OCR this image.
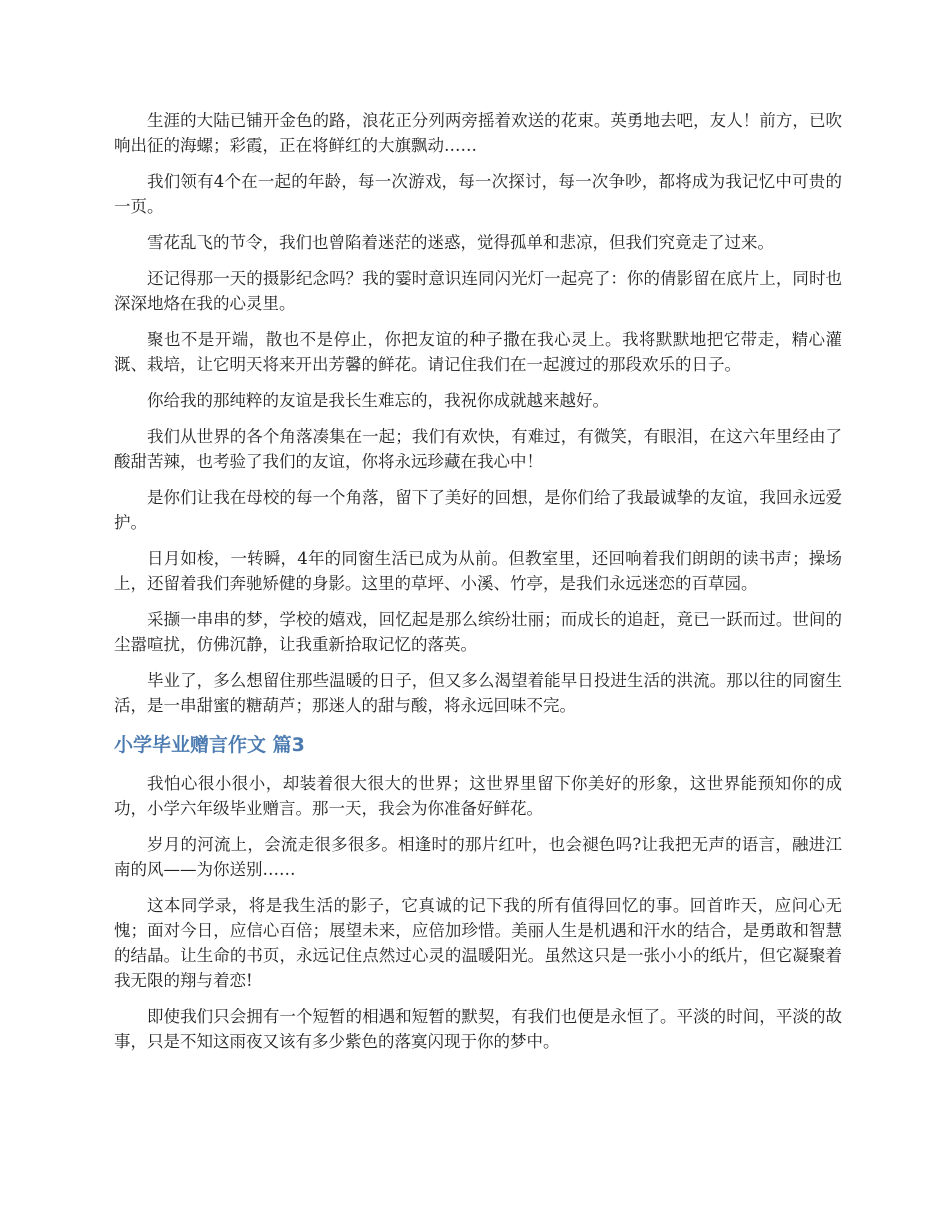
生涯的大陆已铺开金色的路，浪花正分列两旁摇着欢送的花束。英勇地去吧，友人！前方，已吹响出征的海螺；彩霞，正在将鲜红的大旗飘动……

我们领有4个在一起的年龄，每一次游戏，每一次探讨，每一次争吵，都将成为我记忆中可贵的一页。

雪花乱飞的节令，我们也曾陷着迷茫的迷惑，觉得孤单和悲凉，但我们究竟走了过来。

还记得那一天的摄影纪念吗？我的霎时意识连同闪光灯一起亮了：你的倩影留在底片上，同时也深深地烙在我的心灵里。

聚也不是开端，散也不是停止，你把友谊的种子撒在我心灵上。我将默默地把它带走，精心灌溉、栽培，让它明天将来开出芳馨的鲜花。请记住我们在一起渡过的那段欢乐的日子。

你给我的那纯粹的友谊是我长生难忘的，我祝你成就越来越好。

我们从世界的各个角落凑集在一起；我们有欢快，有难过，有微笑，有眼泪，在这六年里经由了酸甜苦辣，也考验了我们的友谊，你将永远珍藏在我心中！

是你们让我在母校的每一个角落，留下了美好的回想，是你们给了我最诚挚的友谊，我回永远爱护。

日月如梭，一转瞬，4年的同窗生活已成为从前。但教室里，还回响着我们朗朗的读书声；操场上，还留着我们奔驰矫健的身影。这里的草坪、小溪、竹亭，是我们永远迷恋的百草园。

采撷一串串的梦，学校的嬉戏，回忆起是那么缤纷壮丽；而成长的追赶，竟已一跃而过。世间的尘嚣喧扰，仿佛沉静，让我重新拾取记忆的落英。

毕业了，多么想留住那些温暖的日子，但又多么渴望着能早日投进生活的洪流。那以往的同窗生活，是一串甜蜜的糖葫芦；那迷人的甜与酸，将永远回味不完。

小学毕业赠言作文 篇3

我怕心很小很小，却装着很大很大的世界；这世界里留下你美好的形象，这世界能预知你的成功，小学六年级毕业赠言。那一天，我会为你准备好鲜花。

岁月的河流上，会流走很多很多。相逢时的那片红叶，也会褪色吗?让我把无声的语言，融进江南的风——为你送别……

这本同学录，将是我生活的影子，它真诚的记下我的所有值得回忆的事。回首昨天，应问心无愧；面对今日，应信心百倍；展望未来，应倍加珍惜。美丽人生是机遇和汗水的结合，是勇敢和智慧的结晶。让生命的书页，永远记住点然过心灵的温暖阳光。虽然这只是一张小小的纸片，但它凝聚着我无限的翔与着恋!

即使我们只会拥有一个短暂的相遇和短暂的默契，有我们也便是永恒了。平淡的时间，平淡的故事，只是不知这雨夜又该有多少紫色的落寞闪现于你的梦中。
